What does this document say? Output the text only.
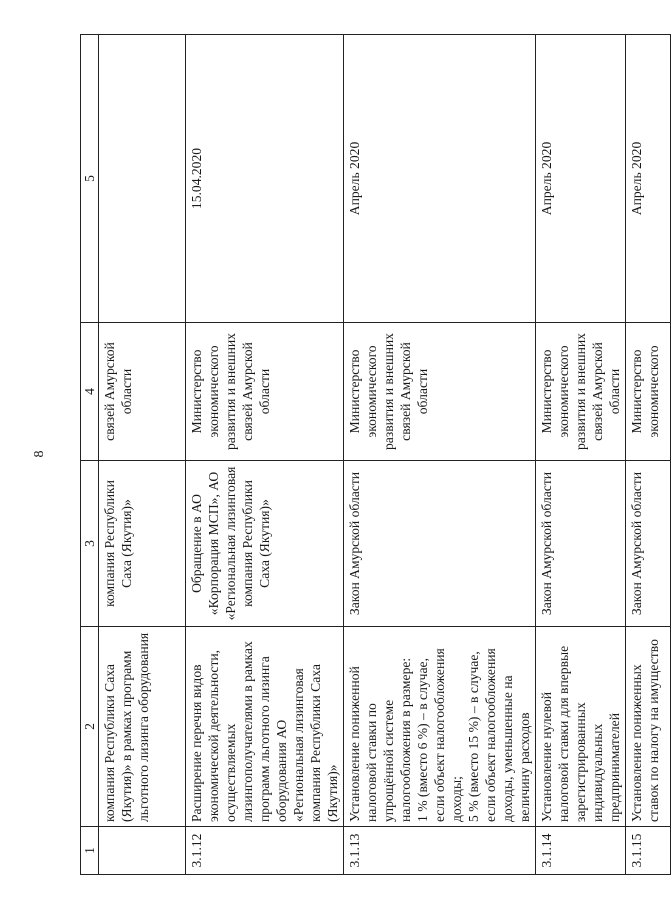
8
1	2	3	4	5
	компания Республики Саха (Якутия)» в рамках программ льготного лизинга оборудования	компания Республики Саха (Якутия)»	связей Амурской области	
3.1.12	Расширение перечня видов экономической деятельности, осуществляемых лизингополучателями в рамках программ льготного лизинга оборудования АО «Региональная лизинговая компания Республики Саха (Якутия)»	Обращение в АО «Корпорация МСП», АО «Региональная лизинговая компания Республики Саха (Якутия)»	Министерство экономического развития и внешних связей Амурской области	15.04.2020
3.1.13	Установление пониженной налоговой ставки по упрощённой системе налогообложения в размере:
1 % (вместо 6 %) – в случае, если объект налогообложения доходы;
5 % (вместо 15 %) – в случае, если объект налогообложения доходы, уменьшенные на величину расходов	Закон Амурской области	Министерство экономического развития и внешних связей Амурской области	Апрель 2020
3.1.14	Установление нулевой налоговой ставки для впервые зарегистрированных индивидуальных предпринимателей	Закон Амурской области	Министерство экономического развития и внешних связей Амурской области	Апрель 2020
3.1.15	Установление пониженных ставок по налогу на имущество	Закон Амурской области	Министерство экономического	Апрель 2020
